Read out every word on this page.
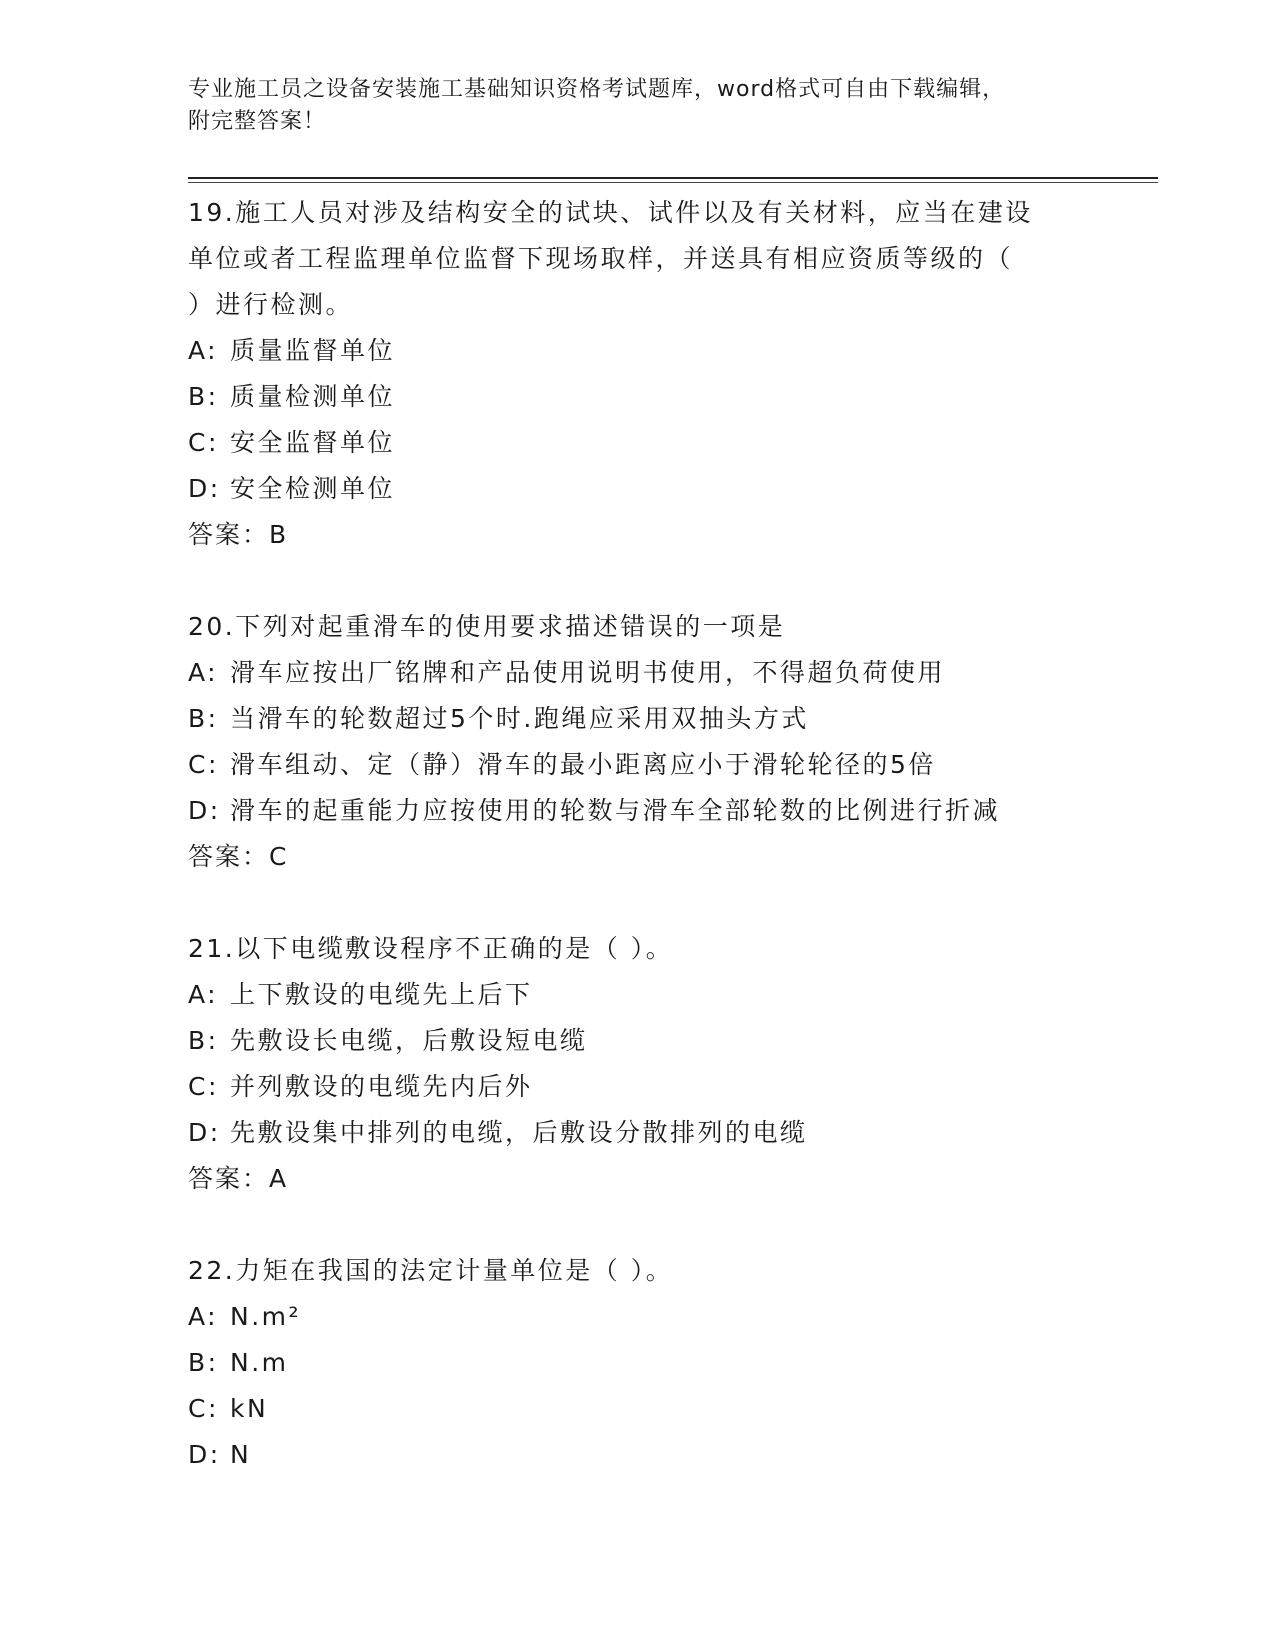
专业施工员之设备安装施工基础知识资格考试题库，word格式可自由下载编辑，
附完整答案！
19.施工人员对涉及结构安全的试块、试件以及有关材料，应当在建设
单位或者工程监理单位监督下现场取样，并送具有相应资质等级的（
）进行检测。
A: 质量监督单位
B: 质量检测单位
C: 安全监督单位
D: 安全检测单位
答案：B
20.下列对起重滑车的使用要求描述错误的一项是
A: 滑车应按出厂铭牌和产品使用说明书使用，不得超负荷使用
B: 当滑车的轮数超过5个时.跑绳应采用双抽头方式
C: 滑车组动、定（静）滑车的最小距离应小于滑轮轮径的5倍
D: 滑车的起重能力应按使用的轮数与滑车全部轮数的比例进行折减
答案：C
21.以下电缆敷设程序不正确的是（ ）。
A: 上下敷设的电缆先上后下
B: 先敷设长电缆，后敷设短电缆
C: 并列敷设的电缆先内后外
D: 先敷设集中排列的电缆，后敷设分散排列的电缆
答案：A
22.力矩在我国的法定计量单位是（ ）。
A: N.m²
B: N.m
C: kN
D: N
